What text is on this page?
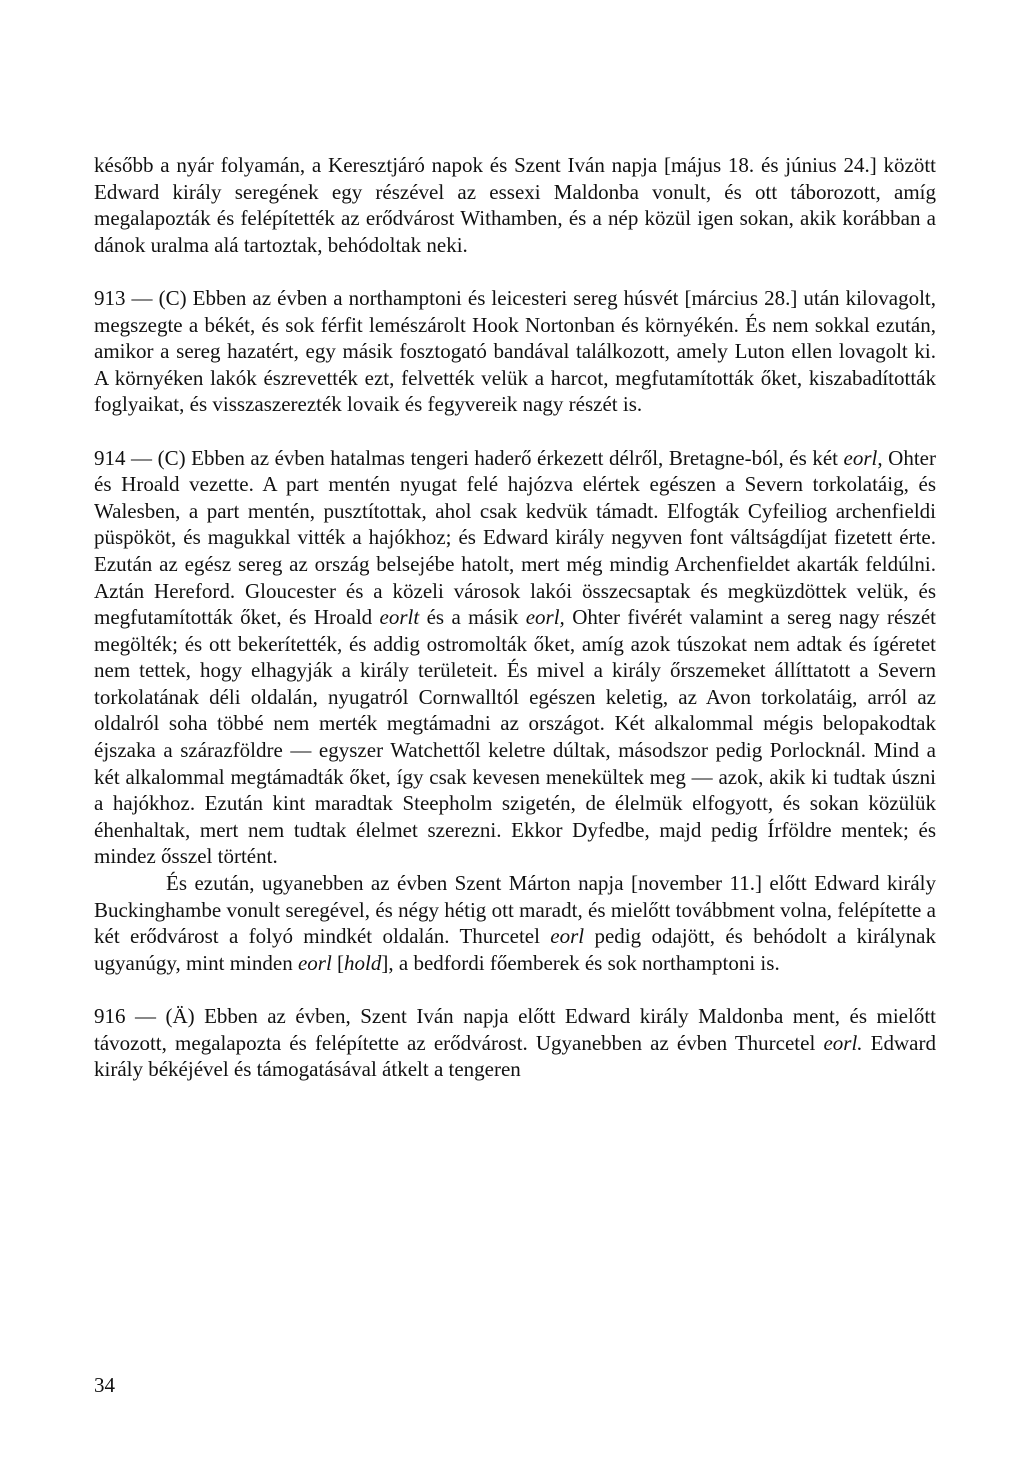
később a nyár folyamán, a Keresztjáró napok és Szent Iván napja [május 18. és június 24.] között Edward király seregének egy részével az essexi Maldonba vonult, és ott táborozott, amíg megalapozták és felépítették az erődvárost Withamben, és a nép közül igen sokan, akik korábban a dánok uralma alá tartoztak, behódoltak neki.

913 — (C) Ebben az évben a northamptoni és leicesteri sereg húsvét [március 28.] után kilovagolt, megszegte a békét, és sok férfit lemészárolt Hook Nortonban és környékén. És nem sokkal ezután, amikor a sereg hazatért, egy másik fosztogató bandával találkozott, amely Luton ellen lovagolt ki. A környéken lakók észrevették ezt, felvették velük a harcot, megfutamították őket, kiszabadították foglyaikat, és visszaszerezték lovaik és fegyvereik nagy részét is.

914 — (C) Ebben az évben hatalmas tengeri haderő érkezett délről, Bretagne-ból, és két eorl, Ohter és Hroald vezette. A part mentén nyugat felé hajózva elértek egészen a Severn torkolatáig, és Walesben, a part mentén, pusztítottak, ahol csak kedvük támadt. Elfogták Cyfeiliog archenfieldi püspököt, és magukkal vitték a hajókhoz; és Edward király negyven font váltságdíjat fizetett érte. Ezután az egész sereg az ország belsejébe hatolt, mert még mindig Archenfieldet akarták feldúlni. Aztán Hereford. Gloucester és a közeli városok lakói összecsaptak és megküzdöttek velük, és megfutamították őket, és Hroald eorlt és a másik eorl, Ohter fivérét valamint a sereg nagy részét megölték; és ott bekerítették, és addig ostromolták őket, amíg azok túszokat nem adtak és ígéretet nem tettek, hogy elhagyják a király területeit. És mivel a király őrszemeket állíttatott a Severn torkolatának déli oldalán, nyugatról Cornwalltól egészen keletig, az Avon torkolatáig, arról az oldalról soha többé nem merték megtámadni az országot. Két alkalommal mégis belopakodtak éjszaka a szárazföldre — egyszer Watchettől keletre dúltak, másodszor pedig Porlocknál. Mind a két alkalommal megtámadták őket, így csak kevesen menekültek meg — azok, akik ki tudtak úszni a hajókhoz. Ezután kint maradtak Steepholm szigetén, de élelmük elfogyott, és sokan közülük éhenhaltak, mert nem tudtak élelmet szerezni. Ekkor Dyfedbe, majd pedig Írföldre mentek; és mindez ősszel történt.

És ezután, ugyanebben az évben Szent Márton napja [november 11.] előtt Edward király Buckinghambe vonult seregével, és négy hétig ott maradt, és mielőtt továbbment volna, felépítette a két erődvárost a folyó mindkét oldalán. Thurcetel eorl pedig odajött, és behódolt a királynak ugyanúgy, mint minden eorl [hold], a bedfordi főemberek és sok northamptoni is.

916 — (Ä) Ebben az évben, Szent Iván napja előtt Edward király Maldonba ment, és mielőtt távozott, megalapozta és felépítette az erődvárost. Ugyanebben az évben Thurcetel eorl. Edward király békéjével és támogatásával átkelt a tengeren

34
